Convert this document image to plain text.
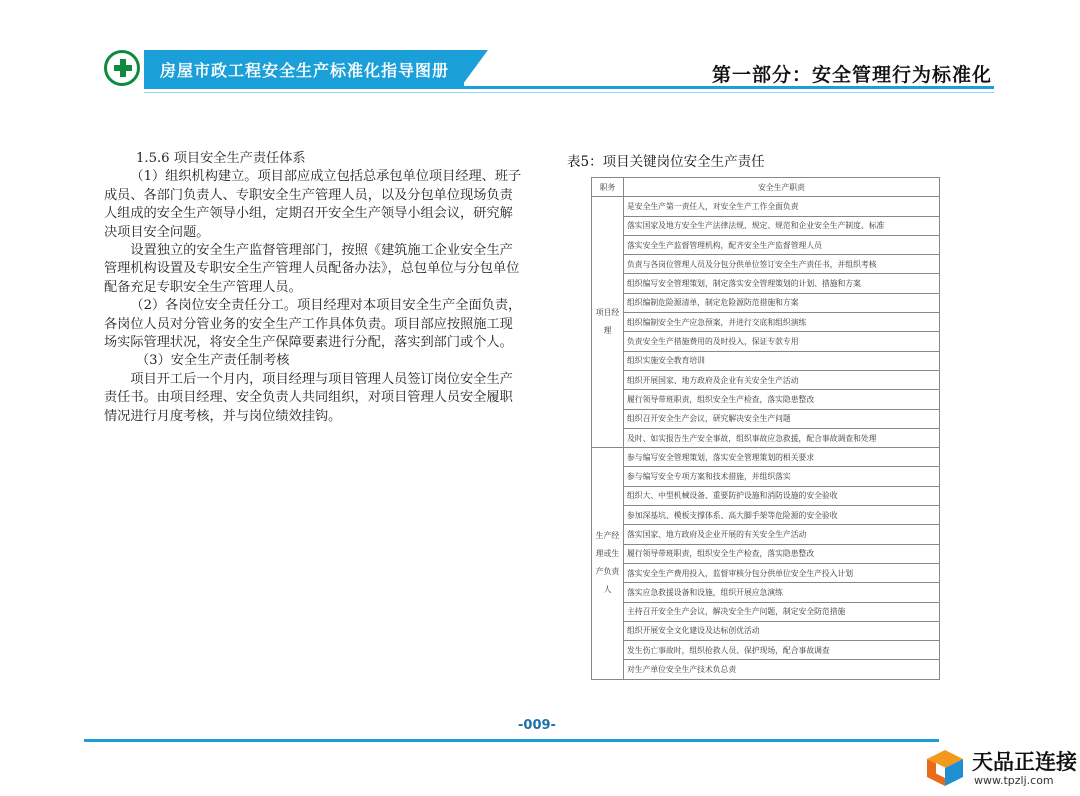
房屋市政工程安全生产标准化指导图册	第一部分：安全管理行为标准化

1.5.6 项目安全生产责任体系

（1）组织机构建立。项目部应成立包括总承包单位项目经理、班子成员、各部门负责人、专职安全生产管理人员，以及分包单位现场负责人组成的安全生产领导小组，定期召开安全生产领导小组会议，研究解决项目安全问题。

设置独立的安全生产监督管理部门，按照《建筑施工企业安全生产管理机构设置及专职安全生产管理人员配备办法》，总包单位与分包单位配备充足专职安全生产管理人员。

（2）各岗位安全责任分工。项目经理对本项目安全生产全面负责，各岗位人员对分管业务的安全生产工作具体负责。项目部应按照施工现场实际管理状况，将安全生产保障要素进行分配，落实到部门或个人。

（3）安全生产责任制考核

项目开工后一个月内，项目经理与项目管理人员签订岗位安全生产责任书。由项目经理、安全负责人共同组织，对项目管理人员安全履职情况进行月度考核，并与岗位绩效挂钩。

表5：项目关键岗位安全生产责任
职务	安全生产职责
项目经理	是安全生产第一责任人，对安全生产工作全面负责
	落实国家及地方安全生产法律法规、规定、规范和企业安全生产制度、标准
	落实安全生产监督管理机构，配齐安全生产监督管理人员
	负责与各岗位管理人员及分包分供单位签订安全生产责任书，并组织考核
	组织编写安全管理策划，制定落实安全管理策划的计划、措施和方案
	组织编制危险源清单，制定危险源防范措施和方案
	组织编制安全生产应急预案，并进行交底和组织演练
	负责安全生产措施费用的及时投入，保证专款专用
	组织实施安全教育培训
	组织开展国家、地方政府及企业有关安全生产活动
	履行领导带班职责，组织安全生产检查，落实隐患整改
	组织召开安全生产会议，研究解决安全生产问题
	及时、如实报告生产安全事故，组织事故应急救援，配合事故调查和处理
生产经理或生产负责人	参与编写安全管理策划，落实安全管理策划的相关要求
	参与编写安全专项方案和技术措施，并组织落实
	组织大、中型机械设备、重要防护设施和消防设施的安全验收
	参加深基坑、模板支撑体系、高大脚手架等危险源的安全验收
	落实国家、地方政府及企业开展的有关安全生产活动
	履行领导带班职责，组织安全生产检查，落实隐患整改
	落实安全生产费用投入，监督审核分包分供单位安全生产投入计划
	落实应急救援设备和设施，组织开展应急演练
	主持召开安全生产会议，解决安全生产问题，制定安全防范措施
	组织开展安全文化建设及达标创优活动
	发生伤亡事故时，组织抢救人员、保护现场，配合事故调查
	对生产单位安全生产技术负总责
-009-
天品正连接
www.tpzlj.com
